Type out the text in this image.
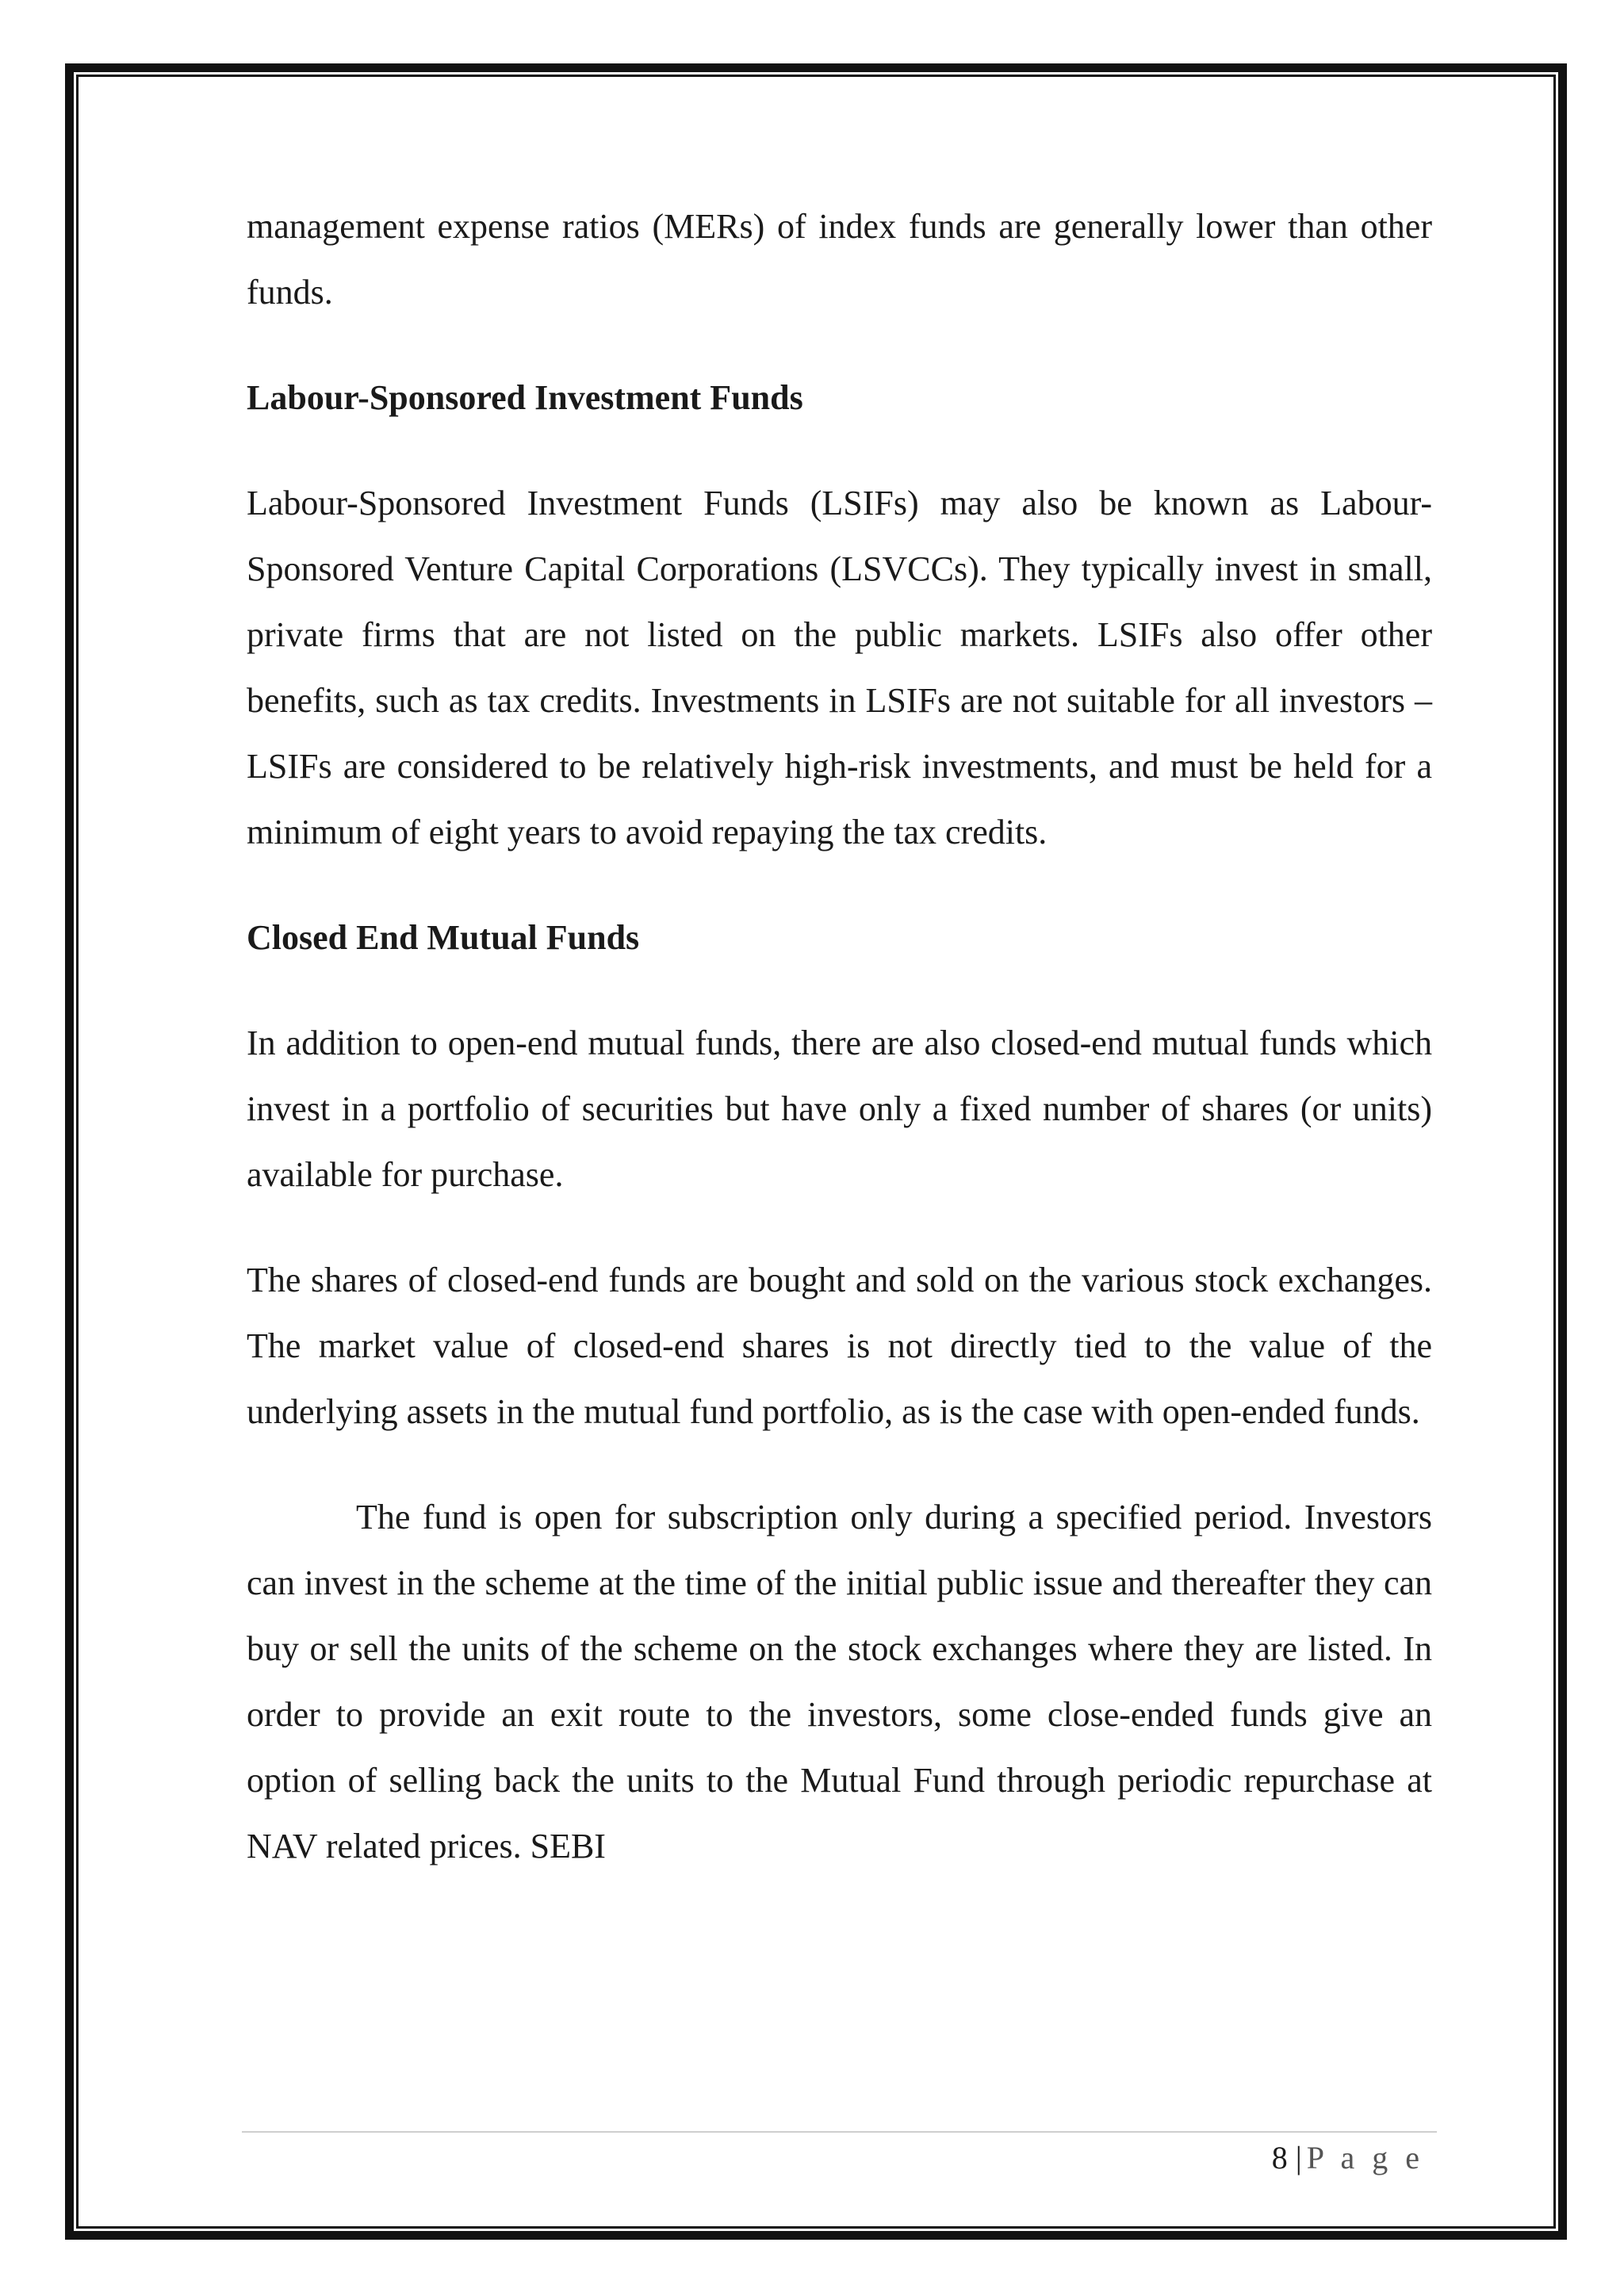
management expense ratios (MERs) of index funds are generally lower than other funds.

Labour-Sponsored Investment Funds

Labour-Sponsored Investment Funds (LSIFs) may also be known as Labour-Sponsored Venture Capital Corporations (LSVCCs). They typically invest in small, private firms that are not listed on the public markets. LSIFs also offer other benefits, such as tax credits. Investments in LSIFs are not suitable for all investors – LSIFs are considered to be relatively high-risk investments, and must be held for a minimum of eight years to avoid repaying the tax credits.

Closed End Mutual Funds

In addition to open-end mutual funds, there are also closed-end mutual funds which invest in a portfolio of securities but have only a fixed number of shares (or units) available for purchase.

The shares of closed-end funds are bought and sold on the various stock exchanges. The market value of closed-end shares is not directly tied to the value of the underlying assets in the mutual fund portfolio, as is the case with open-ended funds.

The fund is open for subscription only during a specified period. Investors can invest in the scheme at the time of the initial public issue and thereafter they can buy or sell the units of the scheme on the stock exchanges where they are listed. In order to provide an exit route to the investors, some close-ended funds give an option of selling back the units to the Mutual Fund through periodic repurchase at NAV related prices. SEBI

8 | P a g e
